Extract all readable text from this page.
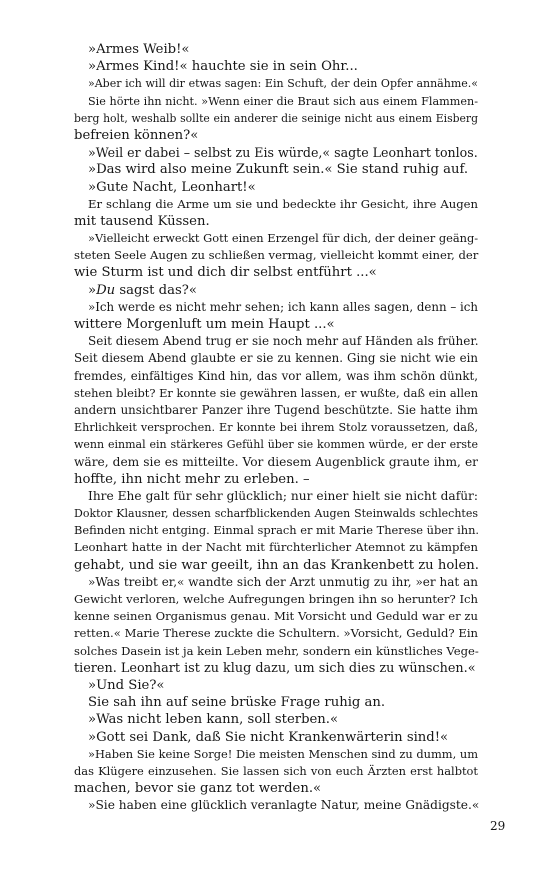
»Armes Weib!«
»Armes Kind!« hauchte sie in sein Ohr...
»Aber ich will dir etwas sagen: Ein Schuft, der dein Opfer annähme.«
Sie hörte ihn nicht. »Wenn einer die Braut sich aus einem Flammen-
berg holt, weshalb sollte ein anderer die seinige nicht aus einem Eisberg
befreien können?«
»Weil er dabei – selbst zu Eis würde,« sagte Leonhart tonlos.
»Das wird also meine Zukunft sein.« Sie stand ruhig auf.
»Gute Nacht, Leonhart!«
Er schlang die Arme um sie und bedeckte ihr Gesicht, ihre Augen
mit tausend Küssen.
»Vielleicht erweckt Gott einen Erzengel für dich, der deiner geäng-
steten Seele Augen zu schließen vermag, vielleicht kommt einer, der
wie Sturm ist und dich dir selbst entführt ...«
»Du sagst das?«
»Ich werde es nicht mehr sehen; ich kann alles sagen, denn – ich
wittere Morgenluft um mein Haupt ...«
Seit diesem Abend trug er sie noch mehr auf Händen als früher.
Seit diesem Abend glaubte er sie zu kennen. Ging sie nicht wie ein
fremdes, einfältiges Kind hin, das vor allem, was ihm schön dünkt,
stehen bleibt? Er konnte sie gewähren lassen, er wußte, daß ein allen
andern unsichtbarer Panzer ihre Tugend beschützte. Sie hatte ihm
Ehrlichkeit versprochen. Er konnte bei ihrem Stolz voraussetzen, daß,
wenn einmal ein stärkeres Gefühl über sie kommen würde, er der erste
wäre, dem sie es mitteilte. Vor diesem Augenblick graute ihm, er
hoffte, ihn nicht mehr zu erleben. –
Ihre Ehe galt für sehr glücklich; nur einer hielt sie nicht dafür:
Doktor Klausner, dessen scharfblickenden Augen Steinwalds schlechtes
Befinden nicht entging. Einmal sprach er mit Marie Therese über ihn.
Leonhart hatte in der Nacht mit fürchterlicher Atemnot zu kämpfen
gehabt, und sie war geeilt, ihn an das Krankenbett zu holen.
»Was treibt er,« wandte sich der Arzt unmutig zu ihr, »er hat an
Gewicht verloren, welche Aufregungen bringen ihn so herunter? Ich
kenne seinen Organismus genau. Mit Vorsicht und Geduld war er zu
retten.« Marie Therese zuckte die Schultern. »Vorsicht, Geduld? Ein
solches Dasein ist ja kein Leben mehr, sondern ein künstliches Vege-
tieren. Leonhart ist zu klug dazu, um sich dies zu wünschen.«
»Und Sie?«
Sie sah ihn auf seine brüske Frage ruhig an.
»Was nicht leben kann, soll sterben.«
»Gott sei Dank, daß Sie nicht Krankenwärterin sind!«
»Haben Sie keine Sorge! Die meisten Menschen sind zu dumm, um
das Klügere einzusehen. Sie lassen sich von euch Ärzten erst halbtot
machen, bevor sie ganz tot werden.«
»Sie haben eine glücklich veranlagte Natur, meine Gnädigste.«
29
